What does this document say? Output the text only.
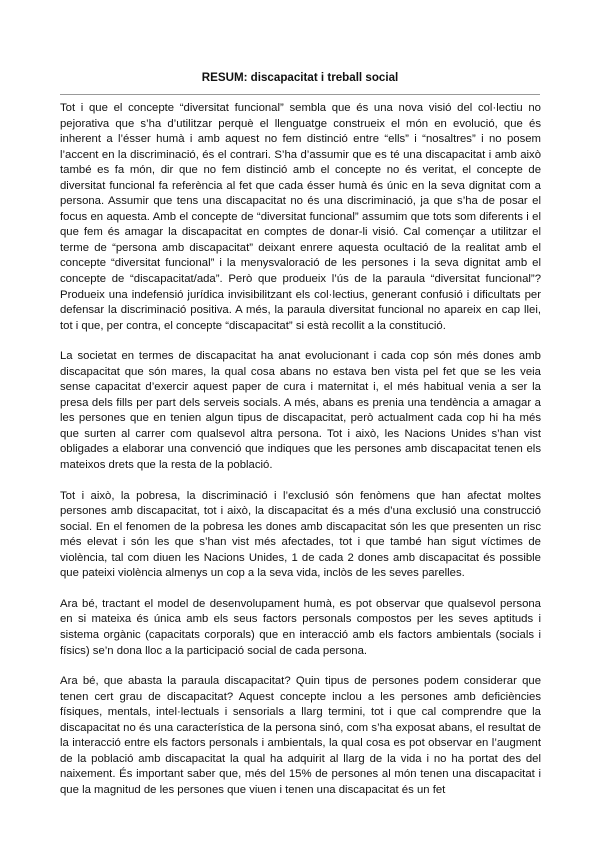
RESUM: discapacitat i treball social

Tot i que el concepte “diversitat funcional” sembla que és una nova visió del col·lectiu no pejorativa que s’ha d’utilitzar perquè el llenguatge construeix el món en evolució, que és inherent a l’ésser humà i amb aquest no fem distinció entre “ells” i “nosaltres” i no posem l’accent en la discriminació, és el contrari. S’ha d’assumir que es té una discapacitat i amb això també es fa món, dir que no fem distinció amb el concepte no és veritat, el concepte de diversitat funcional fa referència al fet que cada ésser humà és únic en la seva dignitat com a persona. Assumir que tens una discapacitat no és una discriminació, ja que s’ha de posar el focus en aquesta. Amb el concepte de “diversitat funcional” assumim que tots som diferents i el que fem és amagar la discapacitat en comptes de donar-li visió. Cal començar a utilitzar el terme de “persona amb discapacitat” deixant enrere aquesta ocultació de la realitat amb el concepte “diversitat funcional” i la menysvaloració de les persones i la seva dignitat amb el concepte de “discapacitat/ada”. Però que produeix l’ús de la paraula “diversitat funcional”? Produeix una indefensió jurídica invisibilitzant els col·lectius, generant confusió i dificultats per defensar la discriminació positiva. A més, la paraula diversitat funcional no apareix en cap llei, tot i que, per contra, el concepte “discapacitat” si està recollit a la constitució.

La societat en termes de discapacitat ha anat evolucionant i cada cop són més dones amb discapacitat que són mares, la qual cosa abans no estava ben vista pel fet que se les veia sense capacitat d’exercir aquest paper de cura i maternitat i, el més habitual venia a ser la presa dels fills per part dels serveis socials. A més, abans es prenia una tendència a amagar a les persones que en tenien algun tipus de discapacitat, però actualment cada cop hi ha més que surten al carrer com qualsevol altra persona. Tot i això, les Nacions Unides s’han vist obligades a elaborar una convenció que indiques que les persones amb discapacitat tenen els mateixos drets que la resta de la població.

Tot i això, la pobresa, la discriminació i l’exclusió són fenòmens que han afectat moltes persones amb discapacitat, tot i això, la discapacitat és a més d’una exclusió una construcció social. En el fenomen de la pobresa les dones amb discapacitat són les que presenten un risc més elevat i són les que s’han vist més afectades, tot i que també han sigut víctimes de violència, tal com diuen les Nacions Unides, 1 de cada 2 dones amb discapacitat és possible que pateixi violència almenys un cop a la seva vida, inclòs de les seves parelles.

Ara bé, tractant el model de desenvolupament humà, es pot observar que qualsevol persona en si mateixa és única amb els seus factors personals compostos per les seves aptituds i sistema orgànic (capacitats corporals) que en interacció amb els factors ambientals (socials i físics) se’n dona lloc a la participació social de cada persona.

Ara bé, que abasta la paraula discapacitat? Quin tipus de persones podem considerar que tenen cert grau de discapacitat? Aquest concepte inclou a les persones amb deficiències físiques, mentals, intel·lectuals i sensorials a llarg termini, tot i que cal comprendre que la discapacitat no és una característica de la persona sinó, com s’ha exposat abans, el resultat de la interacció entre els factors personals i ambientals, la qual cosa es pot observar en l’augment de la població amb discapacitat la qual ha adquirit al llarg de la vida i no ha portat des del naixement. És important saber que, més del 15% de persones al món tenen una discapacitat i que la magnitud de les persones que viuen i tenen una discapacitat és un fet
